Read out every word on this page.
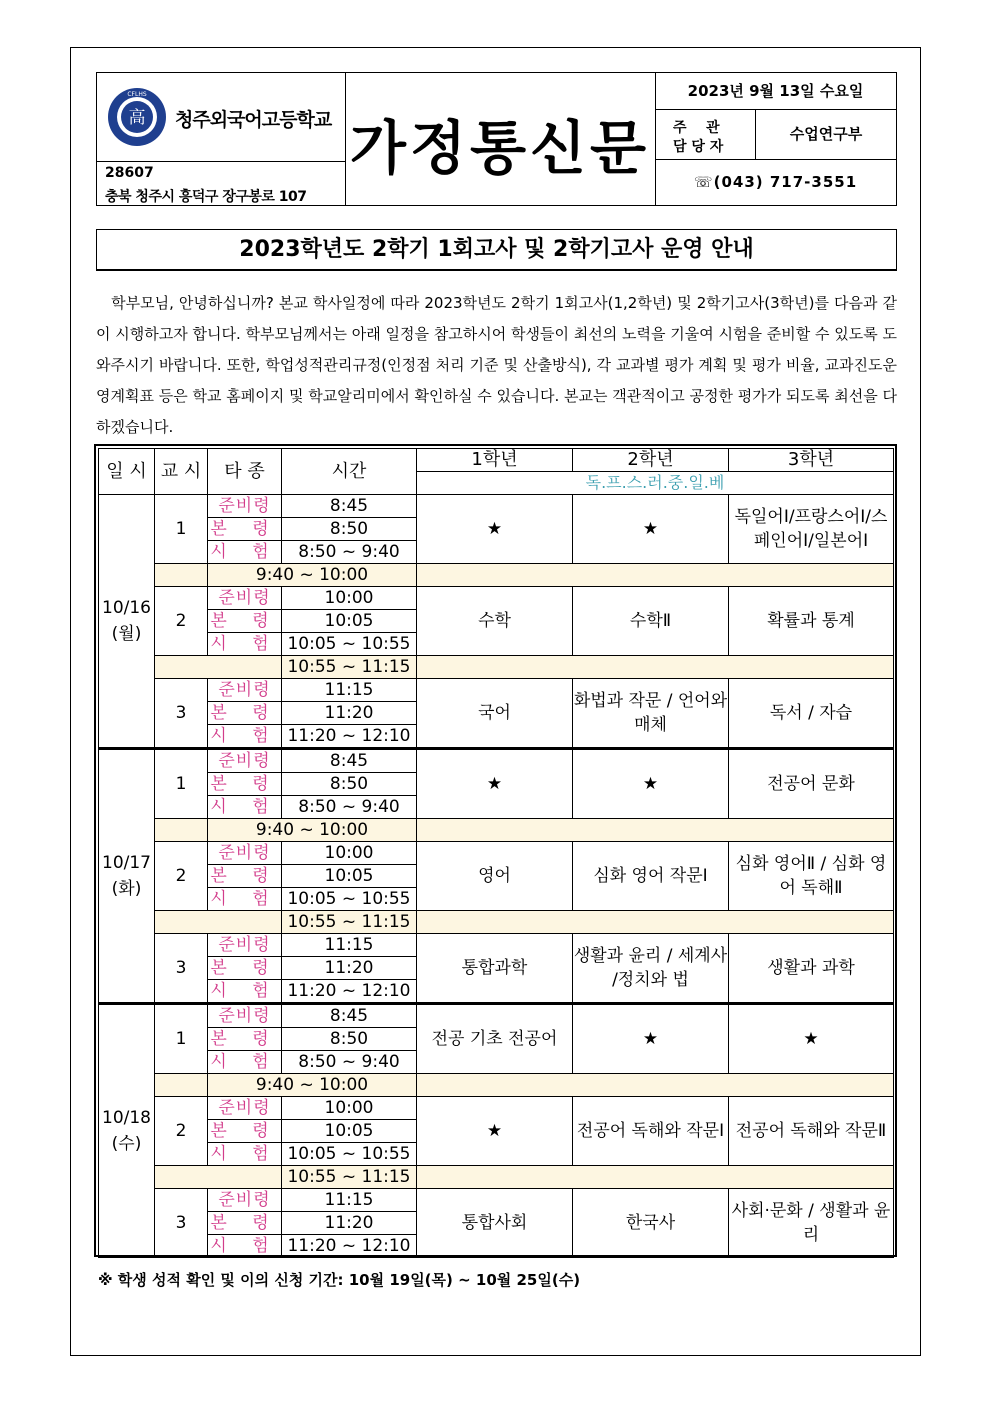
高
CFLHS
청주외국어고등학교
28607
충북 청주시 흥덕구 장구봉로 107
가정통신문
2023년 9월 13일 수요일
주    관
담 당 자
수업연구부
☏(043) 717-3551
2023학년도 2학기 1회고사 및 2학기고사 운영 안내
학부모님, 안녕하십니까? 본교 학사일정에 따라 2023학년도 2학기 1회고사(1,2학년) 및 2학기고사(3학년)를 다음과 같이 시행하고자 합니다. 학부모님께서는 아래 일정을 참고하시어 학생들이 최선의 노력을 기울여 시험을 준비할 수 있도록 도와주시기 바랍니다. 또한, 학업성적관리규정(인정점 처리 기준 및 산출방식), 각 교과별 평가 계획 및 평가 비율, 교과진도운영계획표 등은 학교 홈페이지 및 학교알리미에서 확인하실 수 있습니다. 본교는 객관적이고 공정한 평가가 되도록 최선을 다하겠습니다.
일 시	교 시	타 종	시간	1학년	2학년	3학년
				독.프.스.러.중.일.베		

10/16
(월)	1	준비령	8:45	★	★	독일어Ⅰ/프랑스어Ⅰ/스페인어Ⅰ/일본어Ⅰ
		본 령	8:50			
		시 험	8:50 ~ 9:40			
		9:40 ~ 10:00				
	2	준비령	10:00	수학	수학Ⅱ	확률과 통계
		본 령	10:05			
		시 험	10:05 ~ 10:55			
			10:55 ~ 11:15			
	3	준비령	11:15	국어	화법과 작문 / 언어와 매체	독서 / 자습
		본 령	11:20			
		시 험	11:20 ~ 12:10			

10/17
(화)	1	준비령	8:45	★	★	전공어 문화
		본 령	8:50			
		시 험	8:50 ~ 9:40			
		9:40 ~ 10:00				
	2	준비령	10:00	영어	심화 영어 작문Ⅰ	심화 영어Ⅱ / 심화 영어 독해Ⅱ
		본 령	10:05			
		시 험	10:05 ~ 10:55			
			10:55 ~ 11:15			
	3	준비령	11:15	통합과학	생활과 윤리 / 세계사 /정치와 법	생활과 과학
		본 령	11:20			
		시 험	11:20 ~ 12:10			

10/18
(수)	1	준비령	8:45	전공 기초 전공어	★	★
		본 령	8:50			
		시 험	8:50 ~ 9:40			
		9:40 ~ 10:00				
	2	준비령	10:00	★	전공어 독해와 작문Ⅰ	전공어 독해와 작문Ⅱ
		본 령	10:05			
		시 험	10:05 ~ 10:55			
			10:55 ~ 11:15			
	3	준비령	11:15	통합사회	한국사	사회·문화 / 생활과 윤리
		본 령	11:20			
		시 험	11:20 ~ 12:10			
※ 학생 성적 확인 및 이의 신청 기간: 10월 19일(목) ~ 10월 25일(수)
